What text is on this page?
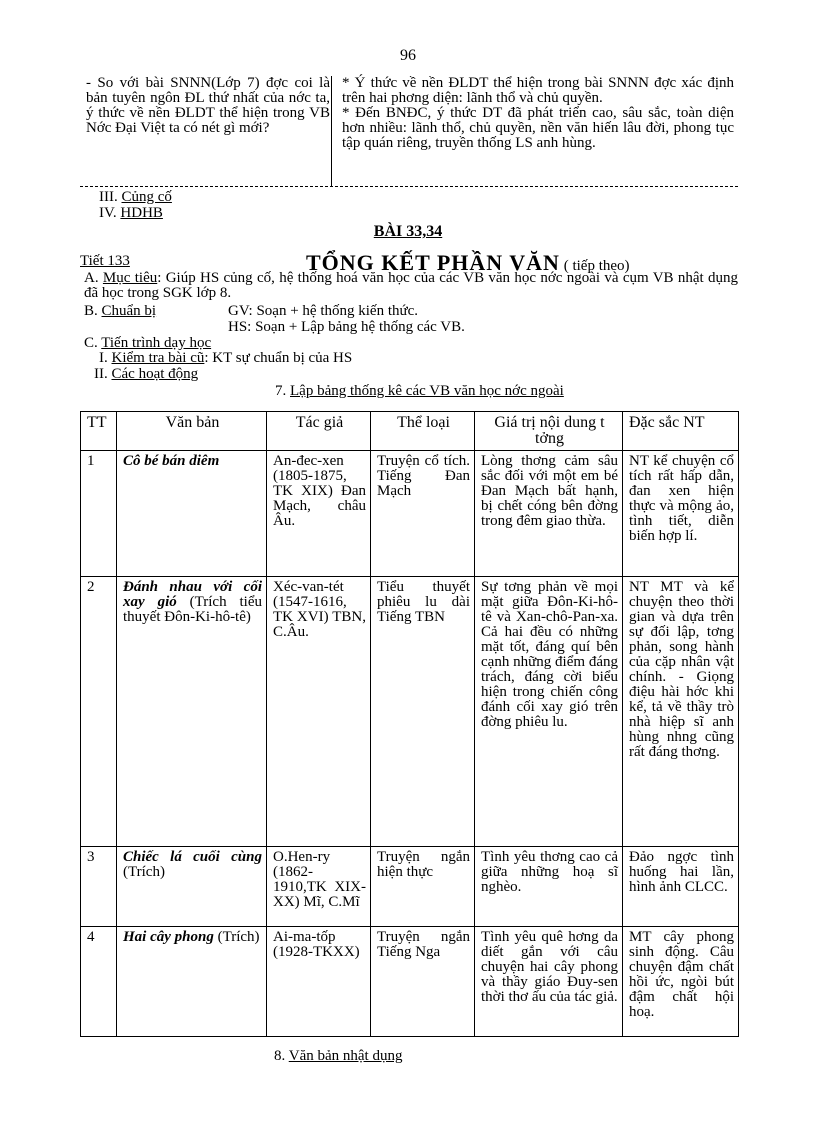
96
- So với bài SNNN(Lớp 7) đợc coi là bản tuyên ngôn ĐL thứ nhất của nớc ta, ý thức về nền ĐLDT thể hiện trong VB Nớc Đại Việt ta có nét gì mới?

* Ý thức về nền ĐLDT thể hiện trong bài SNNN đợc xác định trên hai phơng diện: lãnh thổ và chủ quyền.

* Đến BNĐC, ý thức DT đã phát triển cao, sâu sắc, toàn diện hơn nhiều: lãnh thổ, chủ quyền, nền văn hiến lâu đời, phong tục tập quán riêng, truyền thống LS anh hùng.

III. Củng cố
IV. HDHB
BÀI 33,34
Tiết 133	TỔNG KẾT PHẦN VĂN ( tiếp theo)
A. Mục tiêu: Giúp HS củng cố, hệ thống hoá văn học của các VB văn học nớc ngoài và cụm VB nhật dụng đã học trong SGK lớp 8.
B. Chuẩn bị	GV: Soạn + hệ thống kiến thức.
HS: Soạn + Lập bảng hệ thống các VB.
C. Tiến trình dạy học
I. Kiểm tra bài cũ: KT sự chuẩn bị của HS
II. Các hoạt động
7. Lập bảng thống kê các VB văn học nớc ngoài
TT	Văn bản	Tác giả	Thể loại	Giá trị nội dung t tởng	Đặc sắc NT
1	Cô bé bán diêm	An-đec-xen (1805-1875, TK XIX) Đan Mạch, châu Âu.	Truyện cổ tích. Tiếng Đan Mạch	Lòng thơng cảm sâu sắc đối với một em bé Đan Mạch bất hạnh, bị chết cóng bên đờng trong đêm giao thừa.	NT kể chuyện cổ tích rất hấp dẫn, đan xen hiện thực và mộng ảo, tình tiết, diễn biến hợp lí.
2	Đánh nhau với cối xay gió (Trích tiểu thuyết Đôn-Ki-hô-tê)	Xéc-van-tét (1547-1616, TK XVI) TBN, C.Âu.	Tiểu thuyết phiêu lu dài Tiếng TBN	Sự tơng phản về mọi mặt giữa Đôn-Ki-hô-tê và Xan-chô-Pan-xa. Cả hai đều có những mặt tốt, đáng quí bên cạnh những điểm đáng trách, đáng cời biểu hiện trong chiến công đánh cối xay gió trên đờng phiêu lu.	NT MT và kể chuyện theo thời gian và dựa trên sự đối lập, tơng phản, song hành của cặp nhân vật chính. - Giọng điệu hài hớc khi kể, tả về thầy trò nhà hiệp sĩ anh hùng nhng cũng rất đáng thơng.
3	Chiếc lá cuối cùng (Trích)	O.Hen-ry (1862-1910,TK XIX-XX) Mĩ, C.Mĩ	Truyện ngắn hiện thực	Tình yêu thơng cao cả giữa những hoạ sĩ nghèo.	Đảo ngợc tình huống hai lần, hình ảnh CLCC.
4	Hai cây phong (Trích)	Ai-ma-tốp (1928-TKXX)	Truyện ngắn Tiếng Nga	Tình yêu quê hơng da diết gắn với câu chuyện hai cây phong và thầy giáo Đuy-sen thời thơ ấu của tác giả.	MT cây phong sinh động. Câu chuyện đậm chất hồi ức, ngòi bút đậm chất hội hoạ.
8. Văn bản nhật dụng
